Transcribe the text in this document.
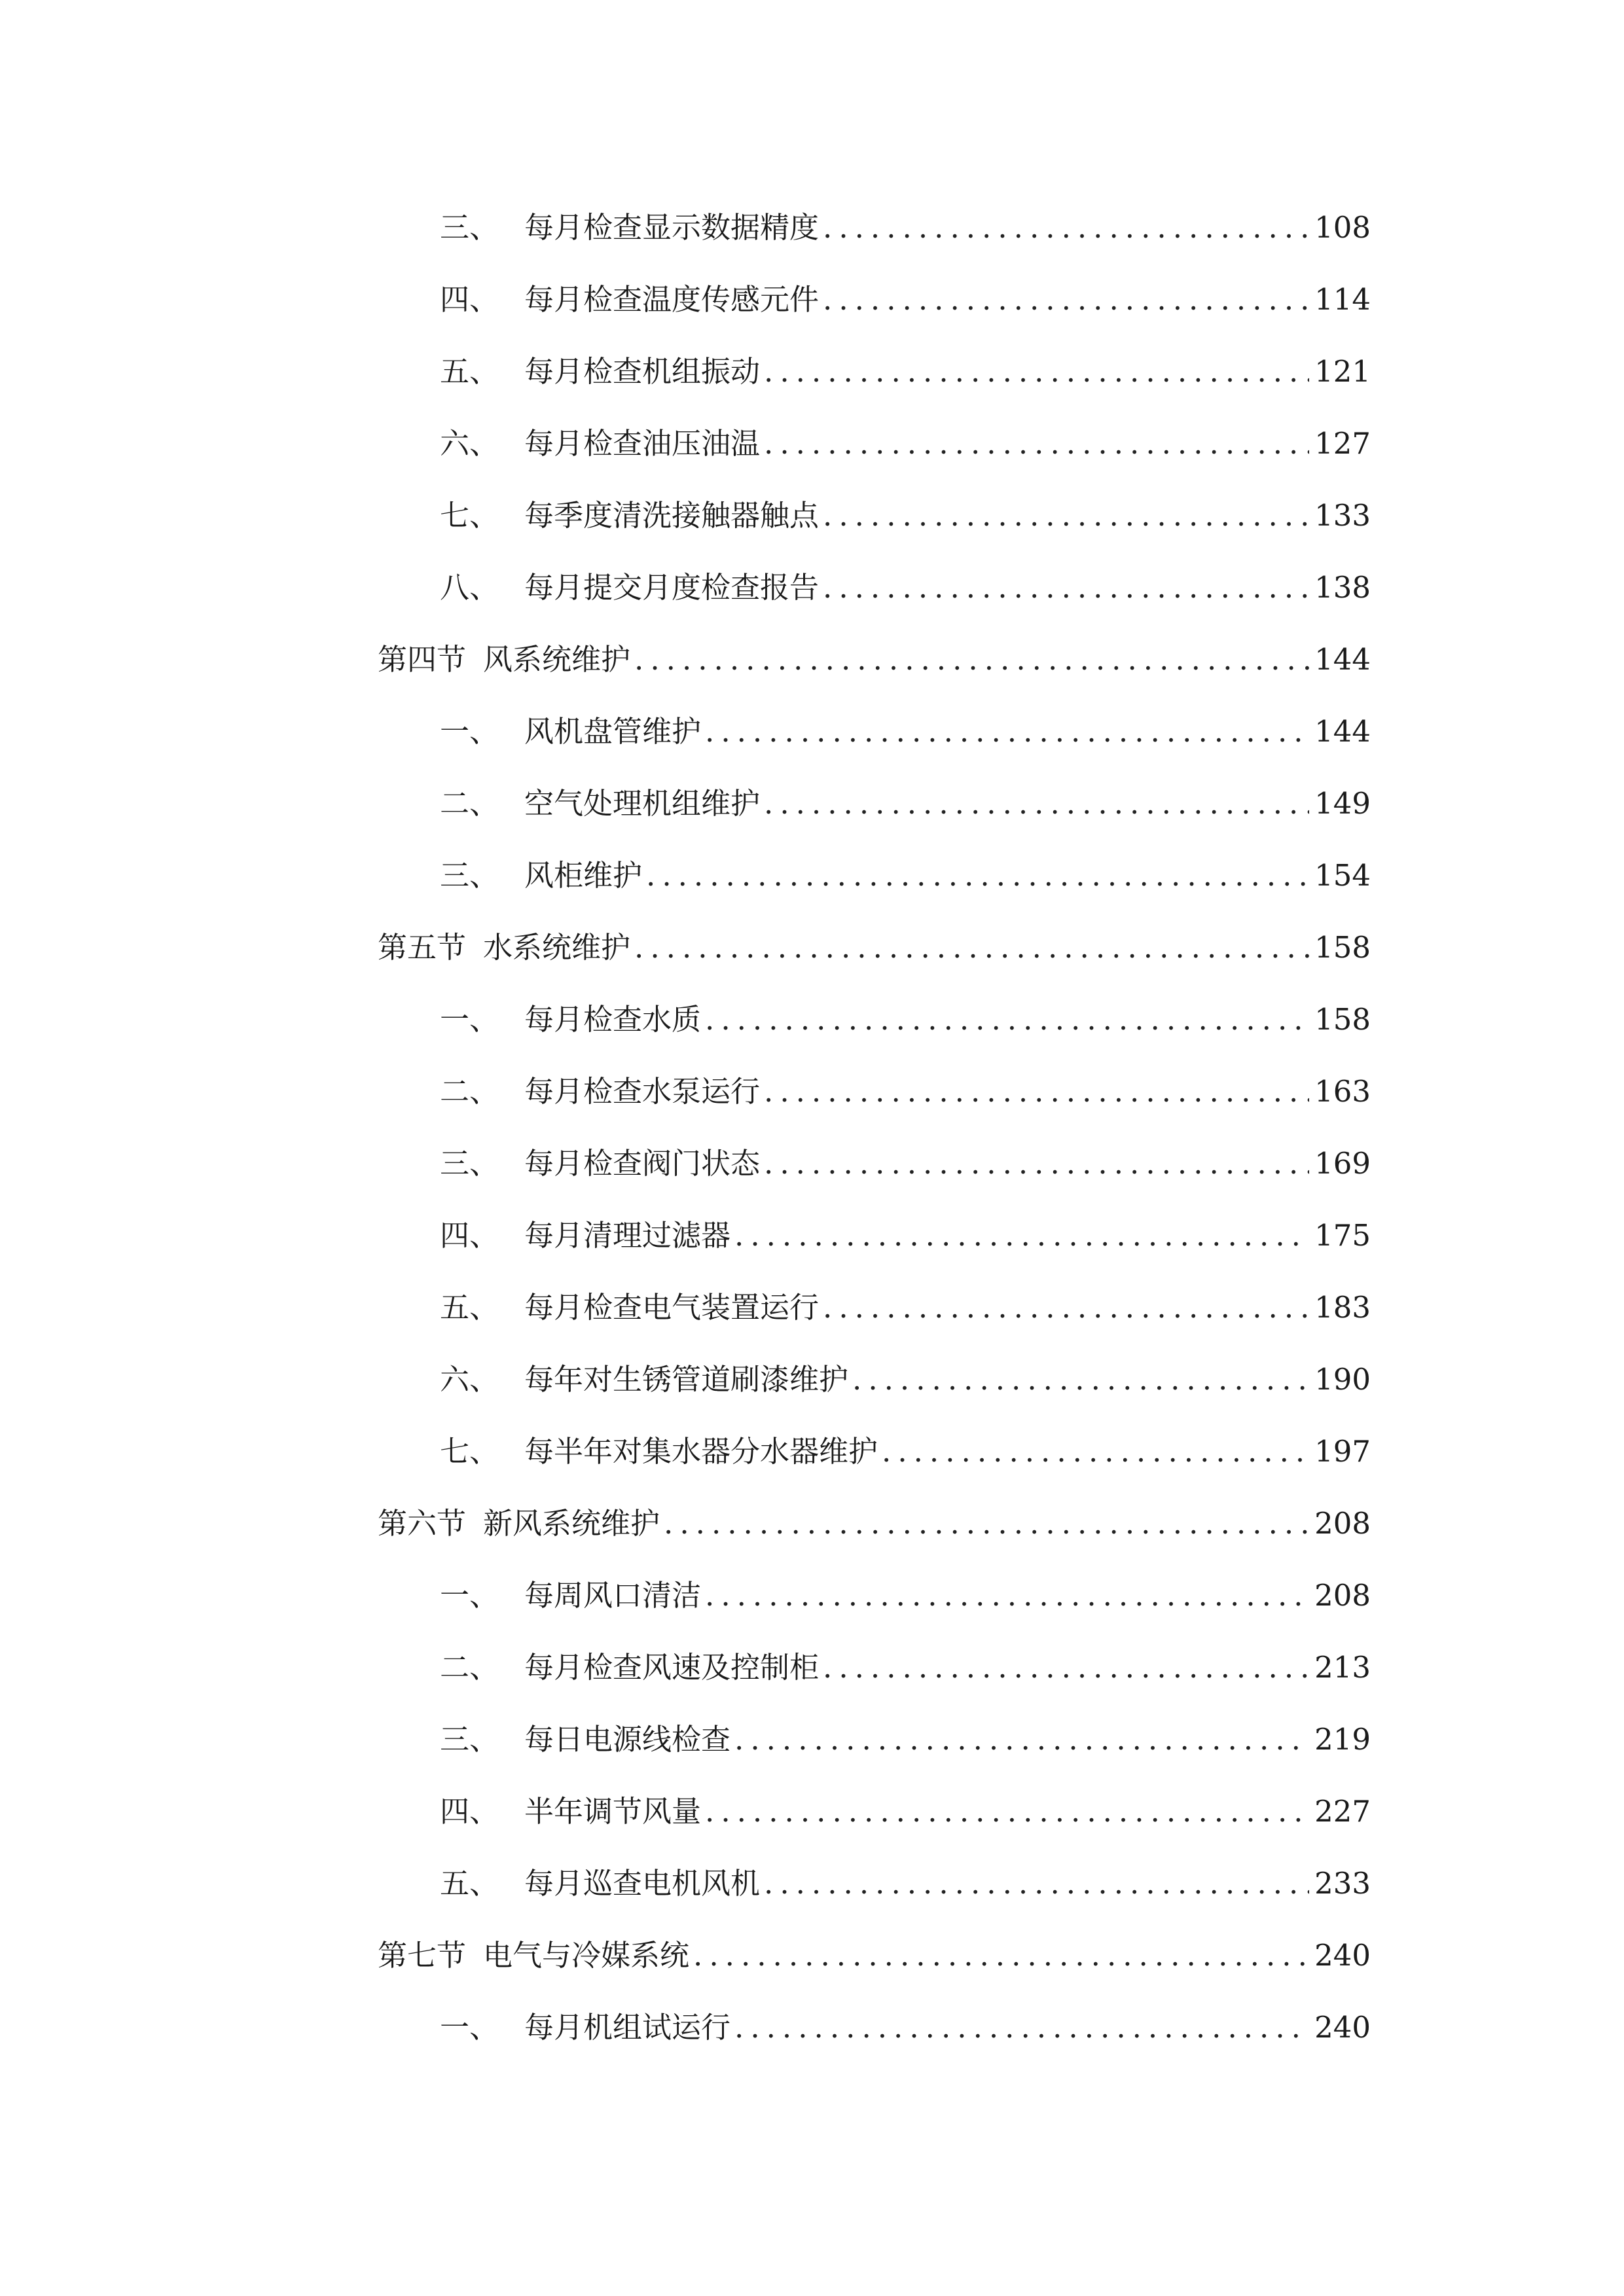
三、 每月检查显示数据精度 .....	108
四、 每月检查温度传感元件 .....	114
五、 每月检查机组振动 .....	121
六、 每月检查油压油温 .....	127
七、 每季度清洗接触器触点 .....	133
八、 每月提交月度检查报告 .....	138
第四节 风系统维护 .....	144
一、 风机盘管维护 .....	144
二、 空气处理机组维护 .....	149
三、 风柜维护 .....	154
第五节 水系统维护 .....	158
一、 每月检查水质 .....	158
二、 每月检查水泵运行 .....	163
三、 每月检查阀门状态 .....	169
四、 每月清理过滤器 .....	175
五、 每月检查电气装置运行 .....	183
六、 每年对生锈管道刷漆维护 .....	190
七、 每半年对集水器分水器维护 .....	197
第六节 新风系统维护 .....	208
一、 每周风口清洁 .....	208
二、 每月检查风速及控制柜 .....	213
三、 每日电源线检查 .....	219
四、 半年调节风量 .....	227
五、 每月巡查电机风机 .....	233
第七节 电气与冷媒系统 .....	240
一、 每月机组试运行 .....	240
